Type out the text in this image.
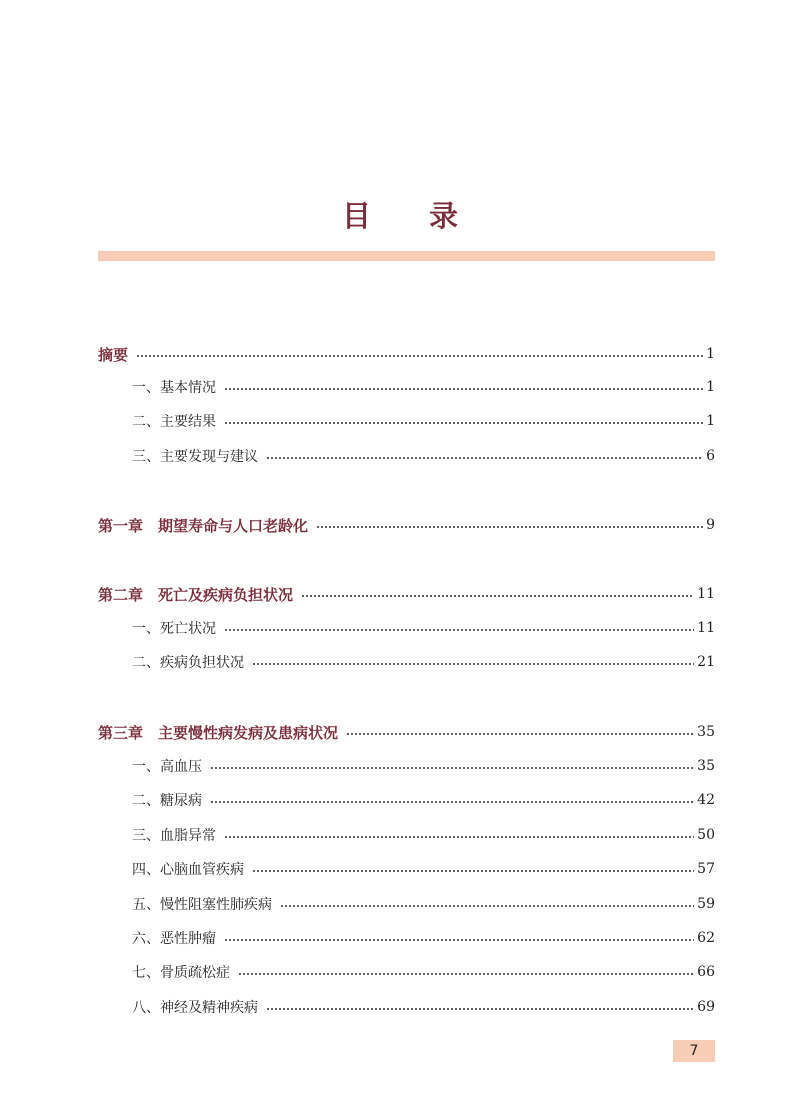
目录
摘要	1
一、基本情况	1
二、主要结果	1
三、主要发现与建议	6
第一章　期望寿命与人口老龄化	9
第二章　死亡及疾病负担状况	11
一、死亡状况	11
二、疾病负担状况	21
第三章　主要慢性病发病及患病状况	35
一、高血压	35
二、糖尿病	42
三、血脂异常	50
四、心脑血管疾病	57
五、慢性阻塞性肺疾病	59
六、恶性肿瘤	62
七、骨质疏松症	66
八、神经及精神疾病	69
7
